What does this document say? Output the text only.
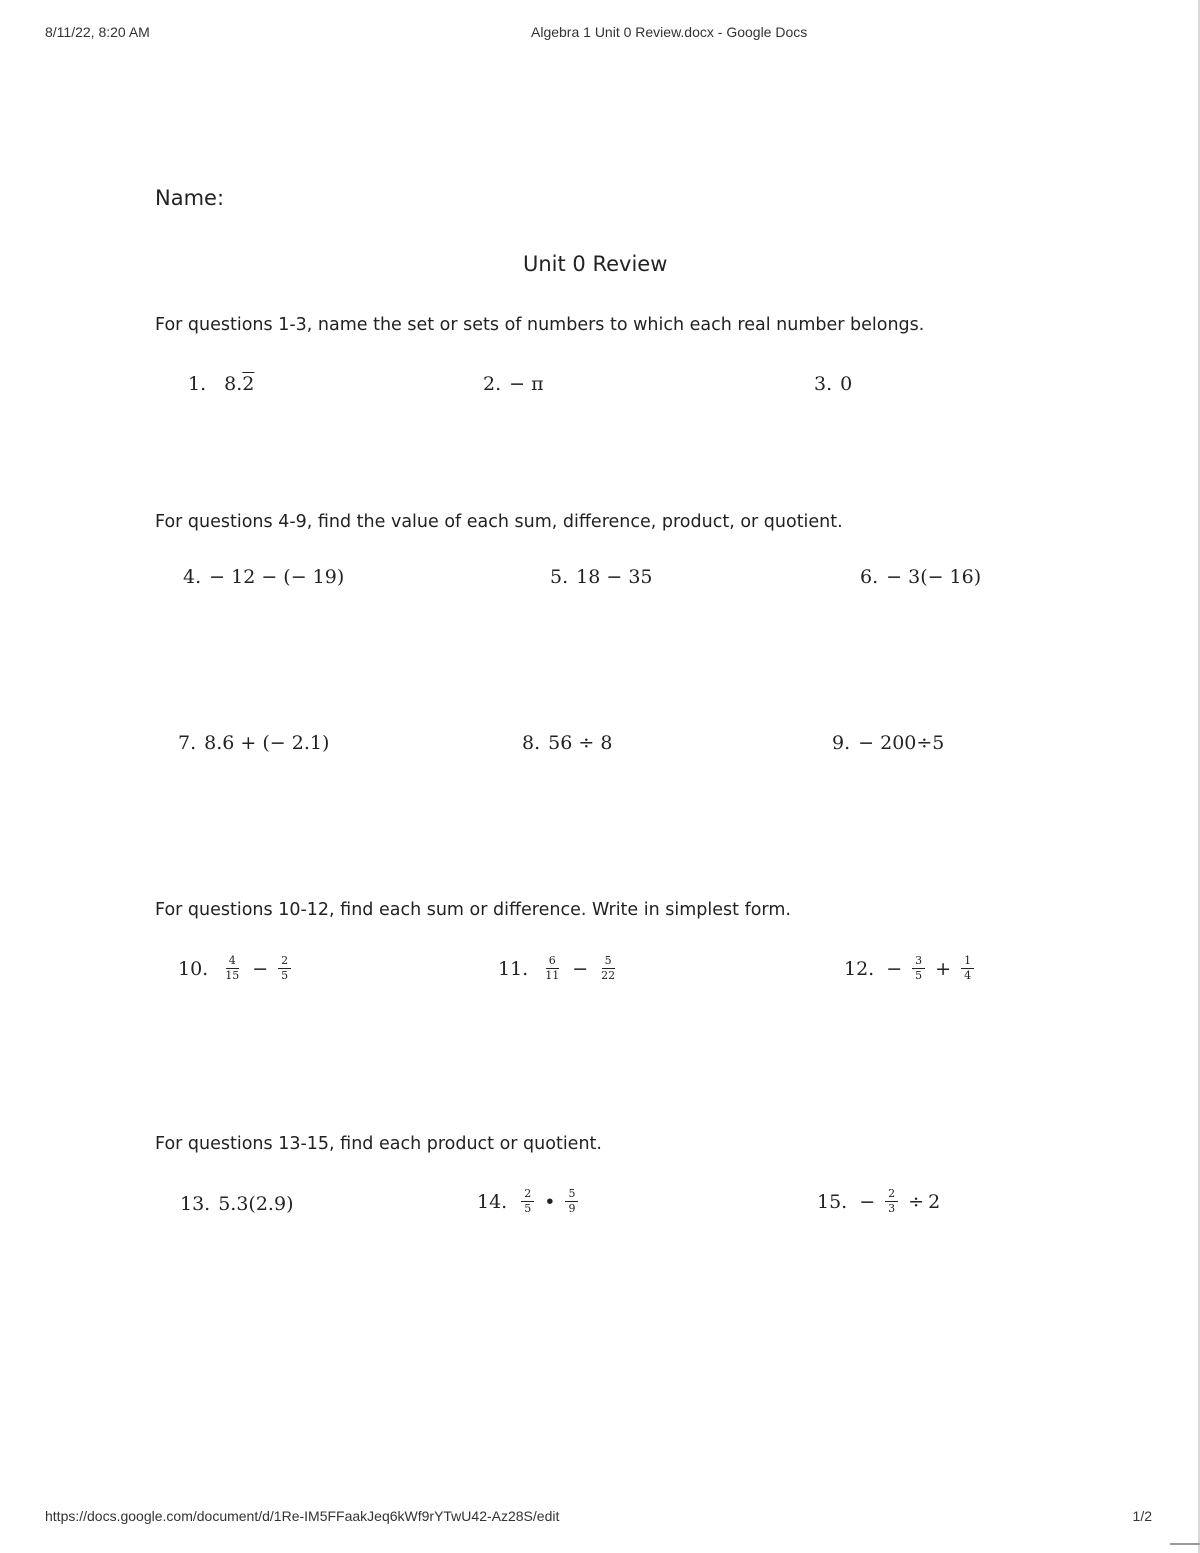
8/11/22, 8:20 AM	Algebra 1 Unit 0 Review.docx - Google Docs
Name:
Unit 0 Review
For questions 1-3, name the set or sets of numbers to which each real number belongs.
1. 8. 2	2. − π	3. 0
For questions 4-9, find the value of each sum, difference, product, or quotient.
4. − 12 − (− 19)	5. 18 − 35	6. − 3(− 16)
7. 8.6 + (− 2.1)	8. 56 ÷ 8	9. − 200÷5
For questions 10-12, find each sum or difference. Write in simplest form.
10. $\frac{4}{15} - \frac{2}{5}$	11. $\frac{6}{11} - \frac{5}{22}$	12. − $\frac{3}{5} + \frac{1}{4}$
For questions 13-15, find each product or quotient.
13. 5.3(2.9)	14. $\frac{2}{5}$ • $\frac{5}{9}$	15. − $\frac{2}{3} \div 2$
https://docs.google.com/document/d/1Re-IM5FFaakJeq6kWf9rYTwU42-Az28S/edit	1/2
